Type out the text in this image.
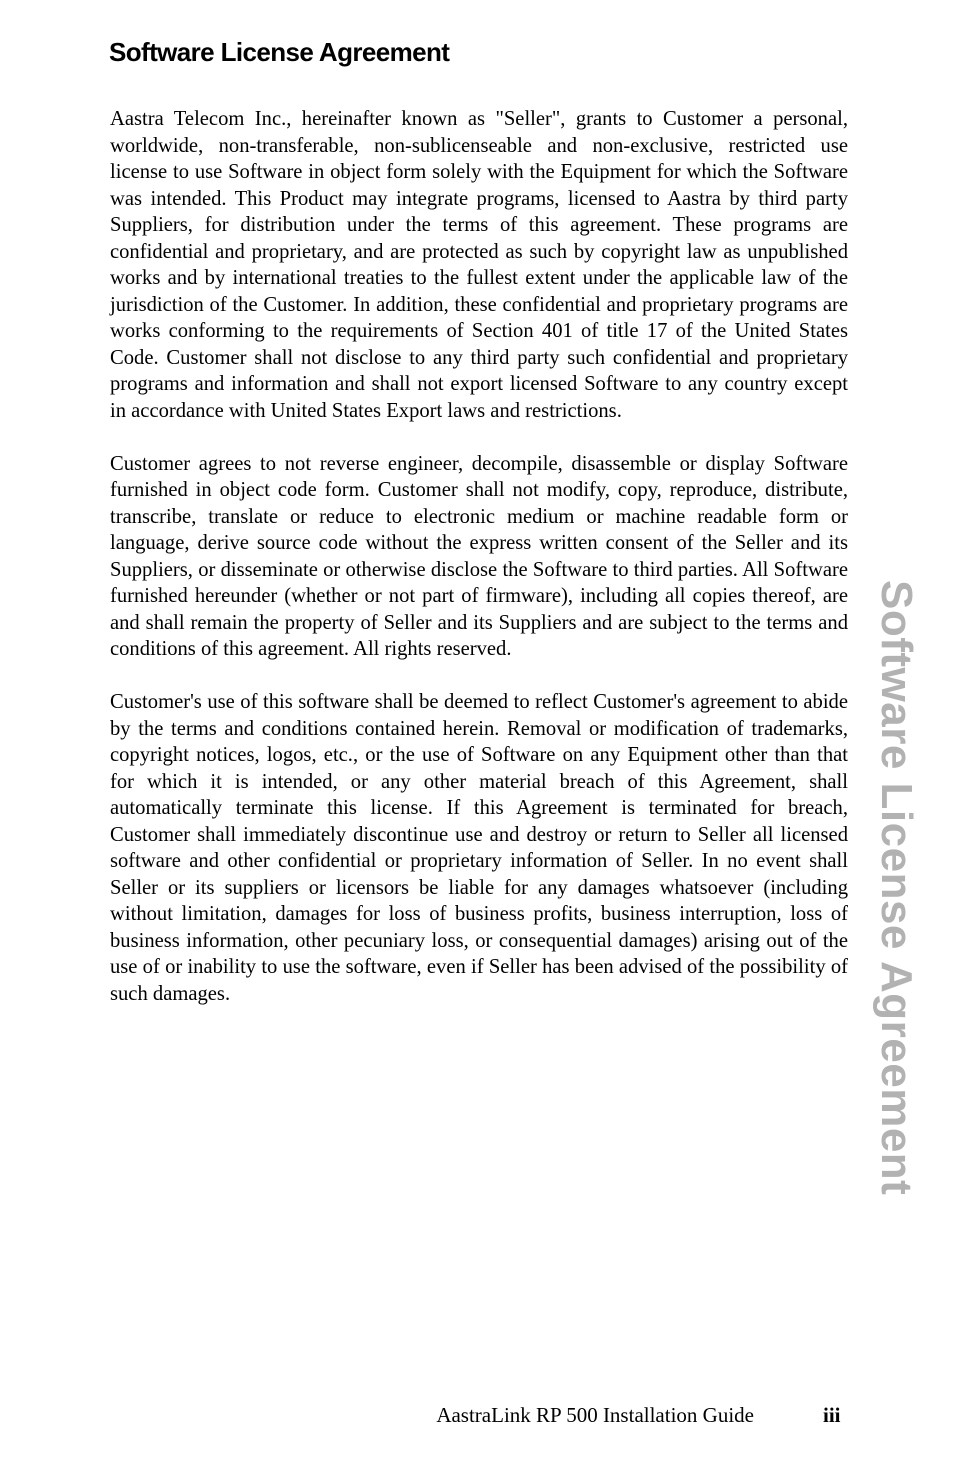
Software License Agreement

Aastra Telecom Inc., hereinafter known as "Seller", grants to Customer a personal, worldwide, non-transferable, non-sublicenseable and non-exclusive, restricted use license to use Software in object form solely with the Equipment for which the Software was intended. This Product may integrate programs, licensed to Aastra by third party Suppliers, for distribution under the terms of this agreement. These programs are confidential and proprietary, and are protected as such by copyright law as unpublished works and by international treaties to the fullest extent under the applicable law of the jurisdiction of the Customer. In addition, these confidential and proprietary programs are works conforming to the requirements of Section 401 of title 17 of the United States Code. Customer shall not disclose to any third party such confidential and proprietary programs and information and shall not export licensed Software to any country except in accordance with United States Export laws and restrictions.

Customer agrees to not reverse engineer, decompile, disassemble or display Software furnished in object code form. Customer shall not modify, copy, reproduce, distribute, transcribe, translate or reduce to electronic medium or machine readable form or language, derive source code without the express written consent of the Seller and its Suppliers, or disseminate or otherwise disclose the Software to third parties. All Software furnished hereunder (whether or not part of firmware), including all copies thereof, are and shall remain the property of Seller and its Suppliers and are subject to the terms and conditions of this agreement. All rights reserved.

Customer's use of this software shall be deemed to reflect Customer's agreement to abide by the terms and conditions contained herein. Removal or modification of trademarks, copyright notices, logos, etc., or the use of Software on any Equipment other than that for which it is intended, or any other material breach of this Agreement, shall automatically terminate this license. If this Agreement is terminated for breach, Customer shall immediately discontinue use and destroy or return to Seller all licensed software and other confidential or proprietary information of Seller. In no event shall Seller or its suppliers or licensors be liable for any damages whatsoever (including without limitation, damages for loss of business profits, business interruption, loss of business information, other pecuniary loss, or consequential damages) arising out of the use of or inability to use the software, even if Seller has been advised of the possibility of such damages.	Software License Agreement
AastraLink RP 500 Installation Guide	iii
